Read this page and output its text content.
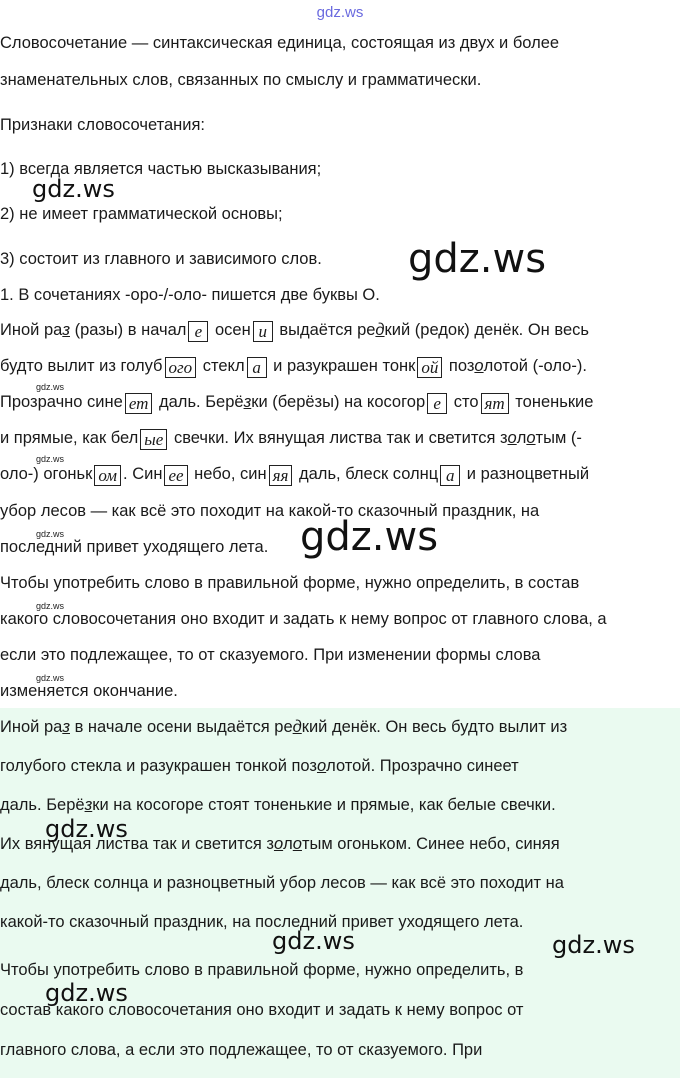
gdz.ws
Словосочетание — синтаксическая единица, состоящая из двух и более
знаменательных слов, связанных по смыслу и грамматически.
Признаки словосочетания:
1) всегда является частью высказывания;
2) не имеет грамматической основы;
3) состоит из главного и зависимого слов.
1. В сочетаниях -оро-/-оло- пишется две буквы О.
Иной раз (разы) в начал е осен и выдаётся редкий (редок) денёк. Он весь
будто вылит из голуб ого стекл а и разукрашен тонк ой позолотой (-оло-).
Прозрачно сине ет даль. Берёзки (берёзы) на косогор е сто ят тоненькие
и прямые, как бел ые свечки. Их вянущая листва так и светится золотым (-
оло-) огоньк ом . Син ее небо, син яя даль, блеск солнц а и разноцветный
убор лесов — как всё это походит на какой-то сказочный праздник, на
последний привет уходящего лета.
Чтобы употребить слово в правильной форме, нужно определить, в состав
какого словосочетания оно входит и задать к нему вопрос от главного слова, а
если это подлежащее, то от сказуемого. При изменении формы слова
изменяется окончание.
Иной раз в начале осени выдаётся редкий денёк. Он весь будто вылит из
голубого стекла и разукрашен тонкой позолотой. Прозрачно синеет
даль. Берёзки на косогоре стоят тоненькие и прямые, как белые свечки.
Их вянущая листва так и светится золотым огоньком. Синее небо, синяя
даль, блеск солнца и разноцветный убор лесов — как всё это походит на
какой-то сказочный праздник, на последний привет уходящего лета.
Чтобы употребить слово в правильной форме, нужно определить, в
состав какого словосочетания оно входит и задать к нему вопрос от
главного слова, а если это подлежащее, то от сказуемого. При
gdz.ws
gdz.ws
gdz.ws
gdz.ws
gdz.ws	gdz.ws
gdz.ws
gdz.ws
gdz.ws
gdz.ws	gdz.ws
gdz.ws
